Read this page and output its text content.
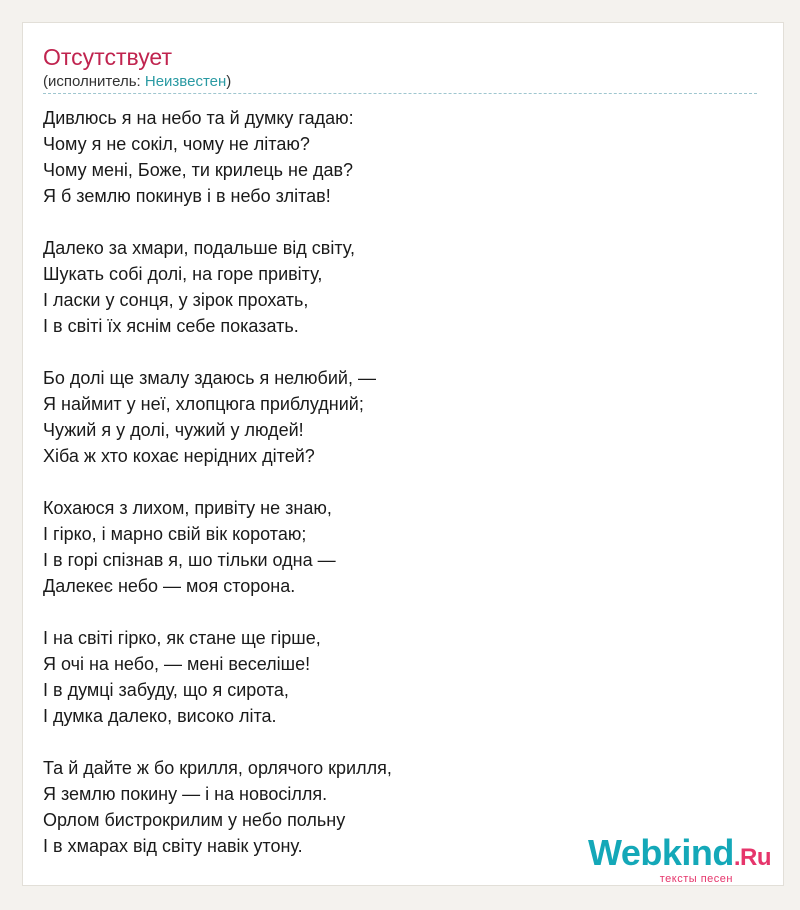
Отсутствует
(исполнитель: Неизвестен)
Дивлюсь я на небо та й думку гадаю:
Чому я не сокіл, чому не літаю?
Чому мені, Боже, ти крилець не дав?
Я б землю покинув і в небо злітав!
Далеко за хмари, подальше від світу,
Шукать собі долі, на горе привіту,
І ласки у сонця, у зірок прохать,
І в світі їх яснім себе показать.
Бо долі ще змалу здаюсь я нелюбий, —
Я наймит у неї, хлопцюга приблудний;
Чужий я у долі, чужий у людей!
Хіба ж хто кохає нерідних дітей?
Кохаюся з лихом, привіту не знаю,
І гірко, і марно свій вік коротаю;
І в горі спізнав я, шо тільки одна —
Далекеє небо — моя сторона.
І на світі гірко, як стане ще гірше,
Я очі на небо, — мені веселіше!
І в думці забуду, що я сирота,
І думка далеко, високо літа.
Та й дайте ж бо крилля, орлячого крилля,
Я землю покину — і на новосілля.
Орлом бистрокрилим у небо польну
І в хмарах від світу навік утону.	Webkind.Ru
тексты песен
